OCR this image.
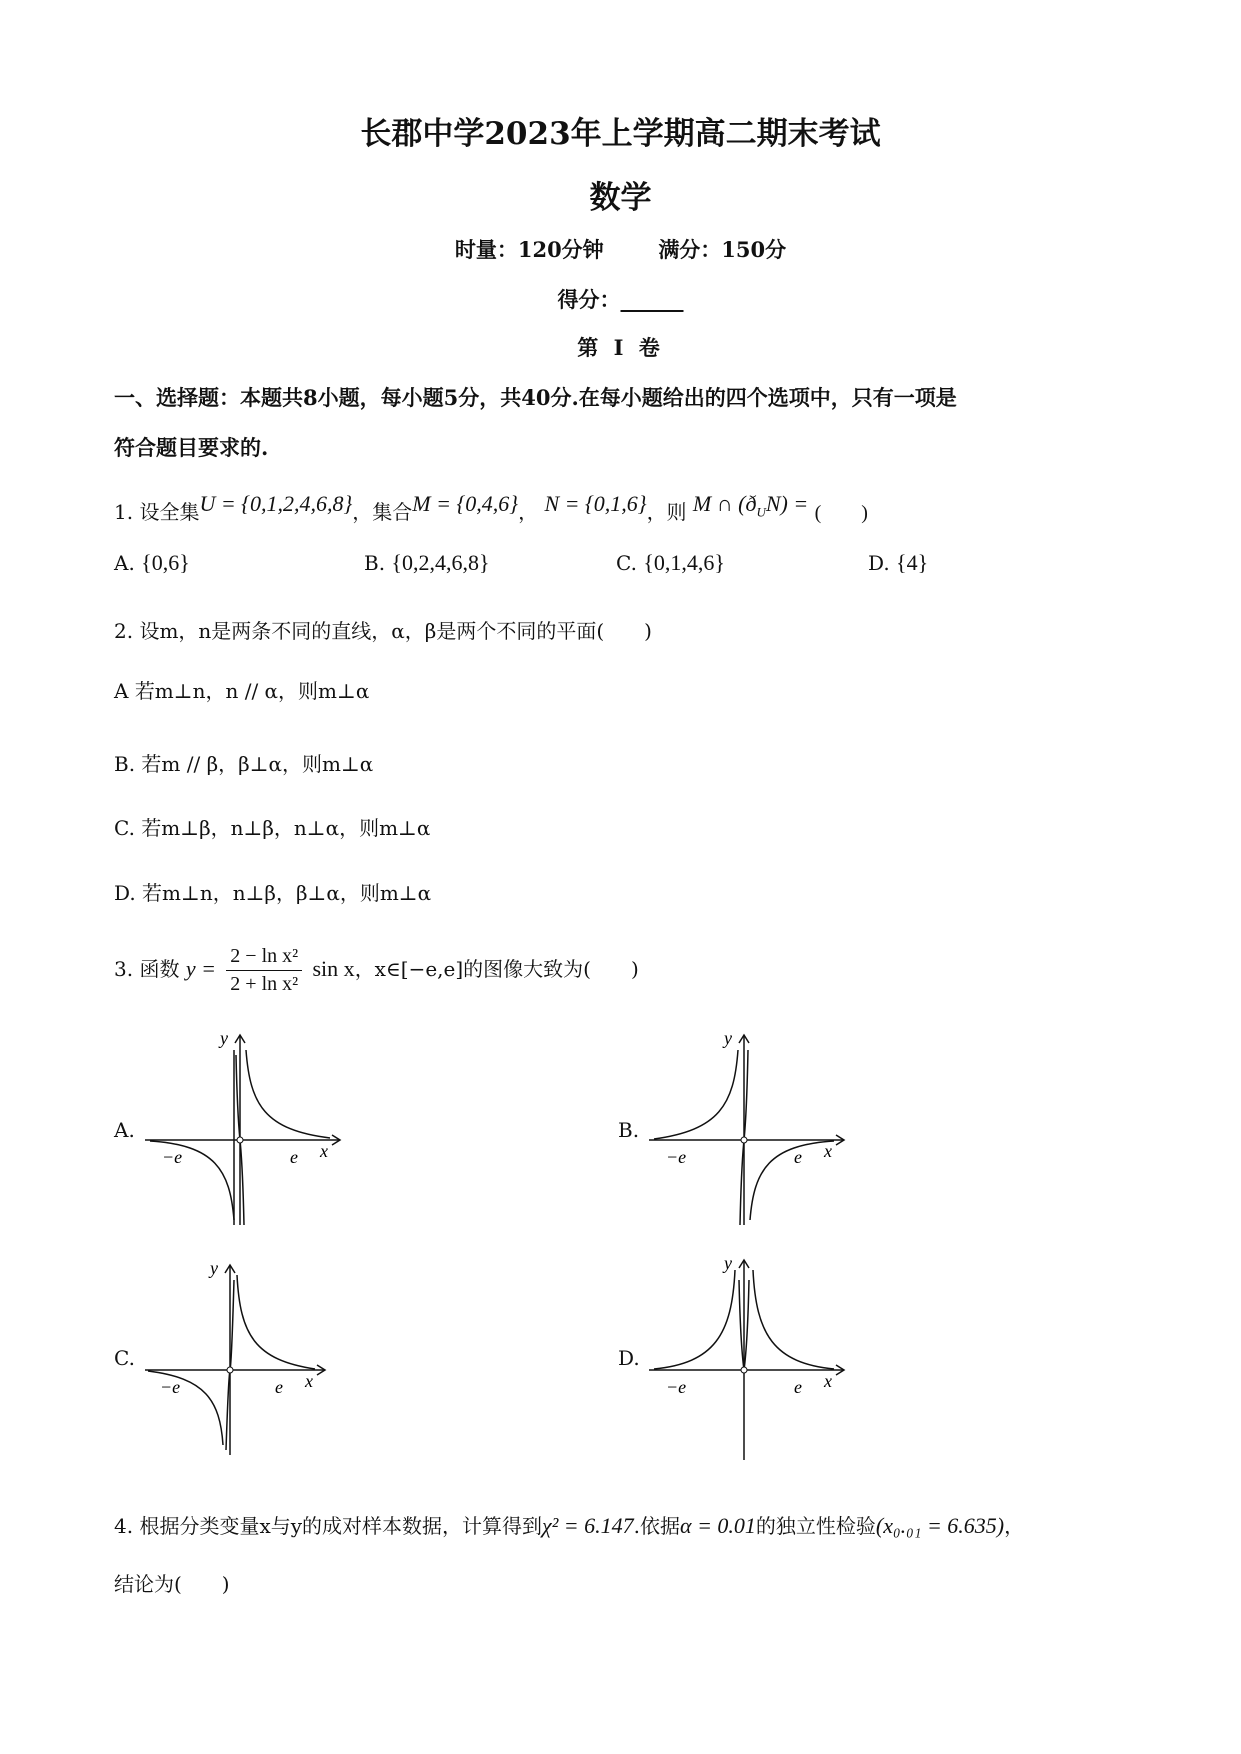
长郡中学2023年上学期高二期末考试
数学
时量：120分钟	满分：150分
得分：______
第 Ⅰ 卷
一、选择题：本题共8小题，每小题5分，共40分.在每小题给出的四个选项中，只有一项是
符合题目要求的.
1. 设全集U = {0,1,2,4,6,8}，集合M = {0,4,6}， N = {0,1,6}，则 M ∩ $(ð_UN)$ = (　　)
A. {0,6}	B. {0,2,4,6,8}	C. {0,1,4,6}	D. {4}
2. 设m，n是两条不同的直线，α，β是两个不同的平面(　　)
A 若m⊥n，n // α，则m⊥α
B. 若m // β，β⊥α，则m⊥α
C. 若m⊥β，n⊥β，n⊥α，则m⊥α
D. 若m⊥n，n⊥β，β⊥α，则m⊥α
3. 函数 $y = \frac{\text{2 − ln x²}}{\text{2 + ln x²}}$ sin x，x∈[−e,e]的图像大致为(　　)
A.	B.
C.	D.
−e	e x
y
−e	e x
y
−e	e x
y
−e	e x
y
4. 根据分类变量x与y的成对样本数据，计算得到χ² = 6.147.依据α = 0.01的独立性检验(x₀.₀₁ = 6.635)，
结论为(　　)
